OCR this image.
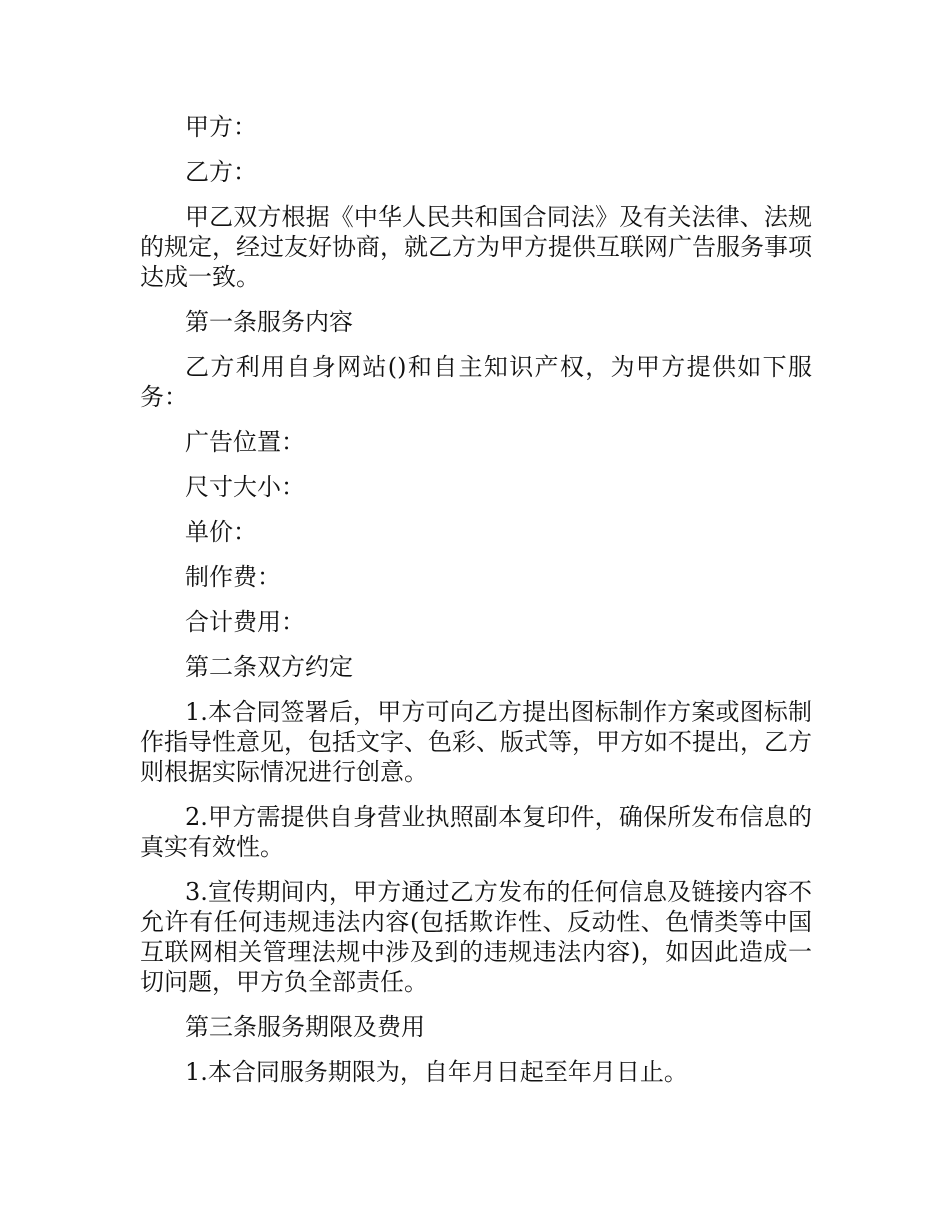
甲方：

乙方：

甲乙双方根据《中华人民共和国合同法》及有关法律、法规的规定，经过友好协商，就乙方为甲方提供互联网广告服务事项达成一致。

第一条服务内容

乙方利用自身网站()和自主知识产权，为甲方提供如下服务：

广告位置：

尺寸大小：

单价：

制作费：

合计费用：

第二条双方约定

1.本合同签署后，甲方可向乙方提出图标制作方案或图标制作指导性意见，包括文字、色彩、版式等，甲方如不提出，乙方则根据实际情况进行创意。

2.甲方需提供自身营业执照副本复印件，确保所发布信息的真实有效性。

3.宣传期间内，甲方通过乙方发布的任何信息及链接内容不允许有任何违规违法内容(包括欺诈性、反动性、色情类等中国互联网相关管理法规中涉及到的违规违法内容)，如因此造成一切问题，甲方负全部责任。

第三条服务期限及费用

1.本合同服务期限为，自年月日起至年月日止。
